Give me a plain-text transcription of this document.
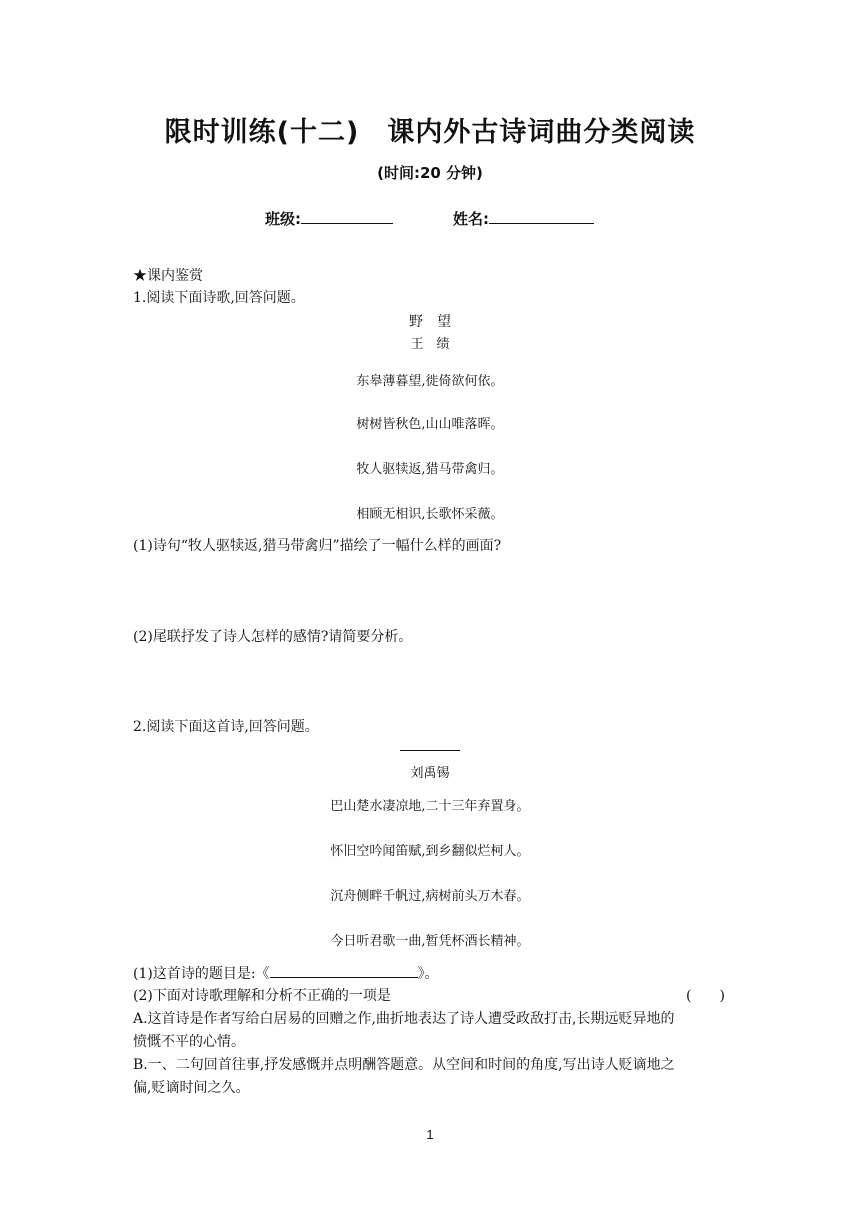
限时训练(十二)　课内外古诗词曲分类阅读
(时间:20 分钟)
班级:	姓名:
★课内鉴赏
1.阅读下面诗歌,回答问题。
野　望
王　绩
东皋薄暮望,徙倚欲何依。
树树皆秋色,山山唯落晖。
牧人驱犊返,猎马带禽归。
相顾无相识,长歌怀采薇。
(1)诗句“牧人驱犊返,猎马带禽归”描绘了一幅什么样的画面?
(2)尾联抒发了诗人怎样的感情?请简要分析。
2.阅读下面这首诗,回答问题。
刘禹锡
巴山楚水凄凉地,二十三年弃置身。
怀旧空吟闻笛赋,到乡翻似烂柯人。
沉舟侧畔千帆过,病树前头万木春。
今日听君歌一曲,暂凭杯酒长精神。
(1)这首诗的题目是:《	》。
(2)下面对诗歌理解和分析不正确的一项是	(　　)
A.这首诗是作者写给白居易的回赠之作,曲折地表达了诗人遭受政敌打击,长期远贬异地的
愤慨不平的心情。
B.一、二句回首往事,抒发感慨并点明酬答题意。从空间和时间的角度,写出诗人贬谪地之
偏,贬谪时间之久。
1
